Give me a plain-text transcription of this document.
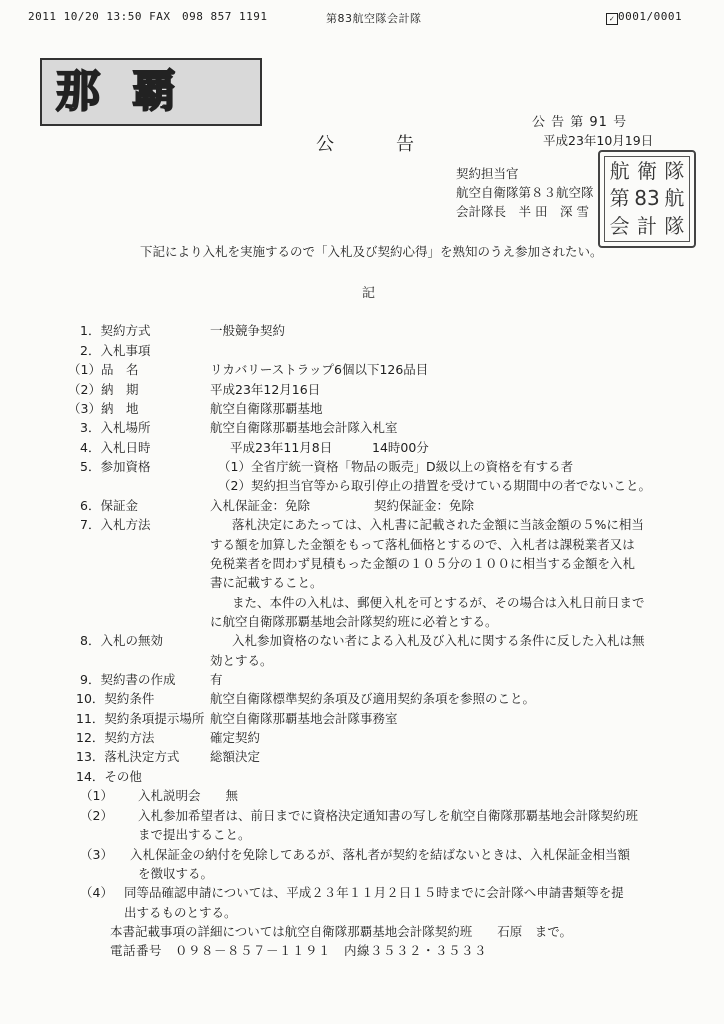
2011 10/20 13:50 FAX 098 857 1191	第83航空隊会計隊	✓ 0001/0001
那覇
公 告 第 91 号
平成23年10月19日
公告
契約担当官
航空自衛隊第８３航空隊
会計隊長　半 田　深 雪
航 衛 隊
第 83 航
会 計 隊
下記により入札を実施するので「入札及び契約心得」を熟知のうえ参加されたい。
記
1．契約方式	一般競争契約
2．入札事項
（1）品　名	リカバリーストラップ6個以下126品目
（2）納　期	平成23年12月16日
（3）納　地	航空自衛隊那覇基地
3．入札場所	航空自衛隊那覇基地会計隊入札室
4．入札日時	平成23年11月8日	14時00分
5．参加資格	（1）全省庁統一資格「物品の販売」D級以上の資格を有する者
（2）契約担当官等から取引停止の措置を受けている期間中の者でないこと。
6．保証金	入札保証金：免除	契約保証金：免除
7．入札方法	落札決定にあたっては、入札書に記載された金額に当該金額の５%に相当
する額を加算した金額をもって落札価格とするので、入札者は課税業者又は
免税業者を問わず見積もった金額の１０５分の１００に相当する金額を入札
書に記載すること。
また、本件の入札は、郵便入札を可とするが、その場合は入札日前日まで
に航空自衛隊那覇基地会計隊契約班に必着とする。
8．入札の無効	入札参加資格のない者による入札及び入札に関する条件に反した入札は無
効とする。
9．契約書の作成	有
10．契約条件	航空自衛隊標準契約条項及び適用契約条項を参照のこと。
11．契約条項提示場所 航空自衛隊那覇基地会計隊事務室
12．契約方法	確定契約
13．落札決定方式 総額決定
14．その他
（1） 入札説明会　　無
（2） 入札参加希望者は、前日までに資格決定通知書の写しを航空自衛隊那覇基地会計隊契約班
まで提出すること。
（3） 入札保証金の納付を免除してあるが、落札者が契約を結ばないときは、入札保証金相当額
を徴収する。
（4） 同等品確認申請については、平成２３年１１月２日１５時までに会計隊へ申請書類等を提
出するものとする。
本書記載事項の詳細については航空自衛隊那覇基地会計隊契約班　　石原　まで。
電話番号　０９８－８５７－１１９１　内線３５３２・３５３３
